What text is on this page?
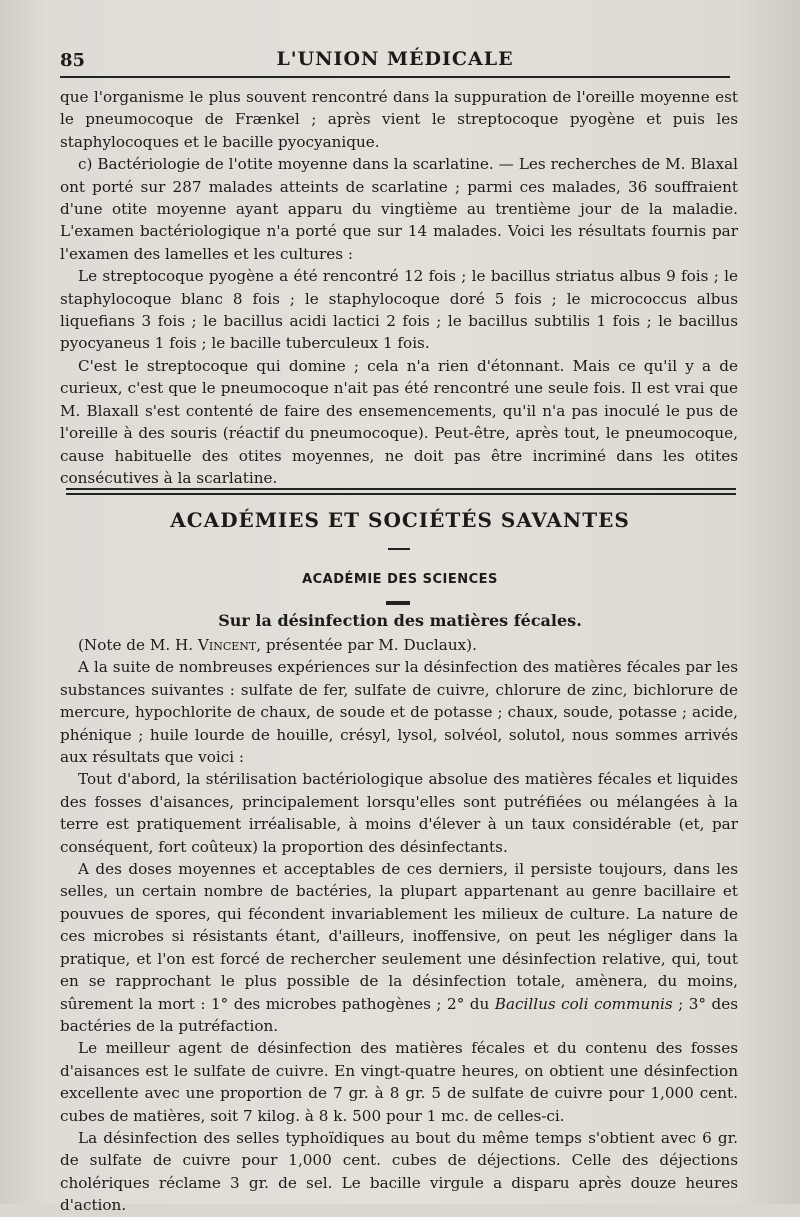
85	L'UNION MÉDICALE

que l'organisme le plus souvent rencontré dans la suppuration de l'oreille moyenne est le pneumocoque de Frænkel ; après vient le streptocoque pyogène et puis les staphylocoques et le bacille pyocyanique.

c) Bactériologie de l'otite moyenne dans la scarlatine. — Les recherches de M. Blaxal ont porté sur 287 malades atteints de scarlatine ; parmi ces malades, 36 souffraient d'une otite moyenne ayant apparu du vingtième au trentième jour de la maladie. L'examen bactériologique n'a porté que sur 14 malades. Voici les résultats fournis par l'examen des lamelles et les cultures :

Le streptocoque pyogène a été rencontré 12 fois ; le bacillus striatus albus 9 fois ; le staphylocoque blanc 8 fois ; le staphylocoque doré 5 fois ; le micrococcus albus liquefians 3 fois ; le bacillus acidi lactici 2 fois ; le bacillus subtilis 1 fois ; le bacillus pyocyaneus 1 fois ; le bacille tuberculeux 1 fois.

C'est le streptocoque qui domine ; cela n'a rien d'étonnant. Mais ce qu'il y a de curieux, c'est que le pneumocoque n'ait pas été rencontré une seule fois. Il est vrai que M. Blaxall s'est contenté de faire des ensemencements, qu'il n'a pas inoculé le pus de l'oreille à des souris (réactif du pneumocoque). Peut-être, après tout, le pneumocoque, cause habituelle des otites moyennes, ne doit pas être incriminé dans les otites consécutives à la scarlatine.

ACADÉMIES ET SOCIÉTÉS SAVANTES
ACADÉMIE DES SCIENCES
Sur la désinfection des matières fécales.

(Note de M. H. Vincent, présentée par M. Duclaux).

A la suite de nombreuses expériences sur la désinfection des matières fécales par les substances suivantes : sulfate de fer, sulfate de cuivre, chlorure de zinc, bichlorure de mercure, hypochlorite de chaux, de soude et de potasse ; chaux, soude, potasse ; acide, phénique ; huile lourde de houille, crésyl, lysol, solvéol, solutol, nous sommes arrivés aux résultats que voici :

Tout d'abord, la stérilisation bactériologique absolue des matières fécales et liquides des fosses d'aisances, principalement lorsqu'elles sont putréfiées ou mélangées à la terre est pratiquement irréalisable, à moins d'élever à un taux considérable (et, par conséquent, fort coûteux) la proportion des désinfectants.

A des doses moyennes et acceptables de ces derniers, il persiste toujours, dans les selles, un certain nombre de bactéries, la plupart appartenant au genre bacillaire et pouvues de spores, qui fécondent invariablement les milieux de culture. La nature de ces microbes si résistants étant, d'ailleurs, inoffensive, on peut les négliger dans la pratique, et l'on est forcé de rechercher seulement une désinfection relative, qui, tout en se rapprochant le plus possible de la désinfection totale, amènera, du moins, sûrement la mort : 1° des microbes pathogènes ; 2° du Bacillus coli communis ; 3° des bactéries de la putréfaction.

Le meilleur agent de désinfection des matières fécales et du contenu des fosses d'aisances est le sulfate de cuivre. En vingt-quatre heures, on obtient une désinfection excellente avec une proportion de 7 gr. à 8 gr. 5 de sulfate de cuivre pour 1,000 cent. cubes de matières, soit 7 kilog. à 8 k. 500 pour 1 mc. de celles-ci.

La désinfection des selles typhoïdiques au bout du même temps s'obtient avec 6 gr. de sulfate de cuivre pour 1,000 cent. cubes de déjections. Celle des déjections cholériques réclame 3 gr. de sel. Le bacille virgule a disparu après douze heures d'action.
